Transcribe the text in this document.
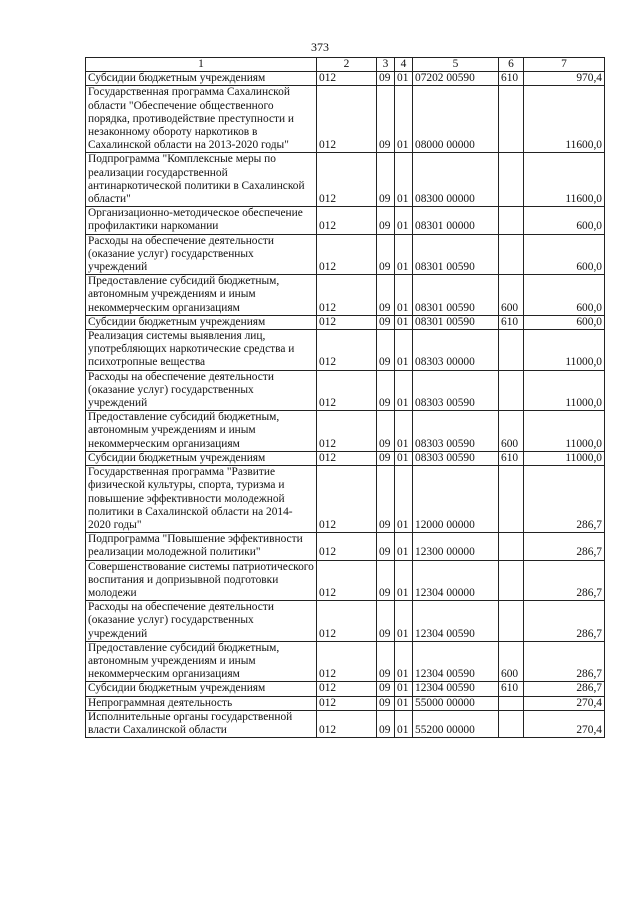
373
1	2	3	4	5	6	7
Субсидии бюджетным учреждениям	012	09	01	07202 00590	610	970,4
Государственная программа Сахалинской области "Обеспечение общественного порядка, противодействие преступности и незаконному обороту наркотиков в Сахалинской области на 2013-2020 годы"	012	09	01	08000 00000		11600,0
Подпрограмма "Комплексные меры по реализации государственной антинаркотической политики в Сахалинской области"	012	09	01	08300 00000		11600,0
Организационно-методическое обеспечение профилактики наркомании	012	09	01	08301 00000		600,0
Расходы на обеспечение деятельности (оказание услуг) государственных учреждений	012	09	01	08301 00590		600,0
Предоставление субсидий бюджетным, автономным учреждениям и иным некоммерческим организациям	012	09	01	08301 00590	600	600,0
Субсидии бюджетным учреждениям	012	09	01	08301 00590	610	600,0
Реализация системы выявления лиц, употребляющих наркотические средства и психотропные вещества	012	09	01	08303 00000		11000,0
Расходы на обеспечение деятельности (оказание услуг) государственных учреждений	012	09	01	08303 00590		11000,0
Предоставление субсидий бюджетным, автономным учреждениям и иным некоммерческим организациям	012	09	01	08303 00590	600	11000,0
Субсидии бюджетным учреждениям	012	09	01	08303 00590	610	11000,0
Государственная программа "Развитие физической культуры, спорта, туризма и повышение эффективности молодежной политики в Сахалинской области на 2014-2020 годы"	012	09	01	12000 00000		286,7
Подпрограмма "Повышение эффективности реализации молодежной политики"	012	09	01	12300 00000		286,7
Совершенствование системы патриотического воспитания и допризывной подготовки молодежи	012	09	01	12304 00000		286,7
Расходы на обеспечение деятельности (оказание услуг) государственных учреждений	012	09	01	12304 00590		286,7
Предоставление субсидий бюджетным, автономным учреждениям и иным некоммерческим организациям	012	09	01	12304 00590	600	286,7
Субсидии бюджетным учреждениям	012	09	01	12304 00590	610	286,7
Непрограммная деятельность	012	09	01	55000 00000		270,4
Исполнительные органы государственной власти Сахалинской области	012	09	01	55200 00000		270,4
